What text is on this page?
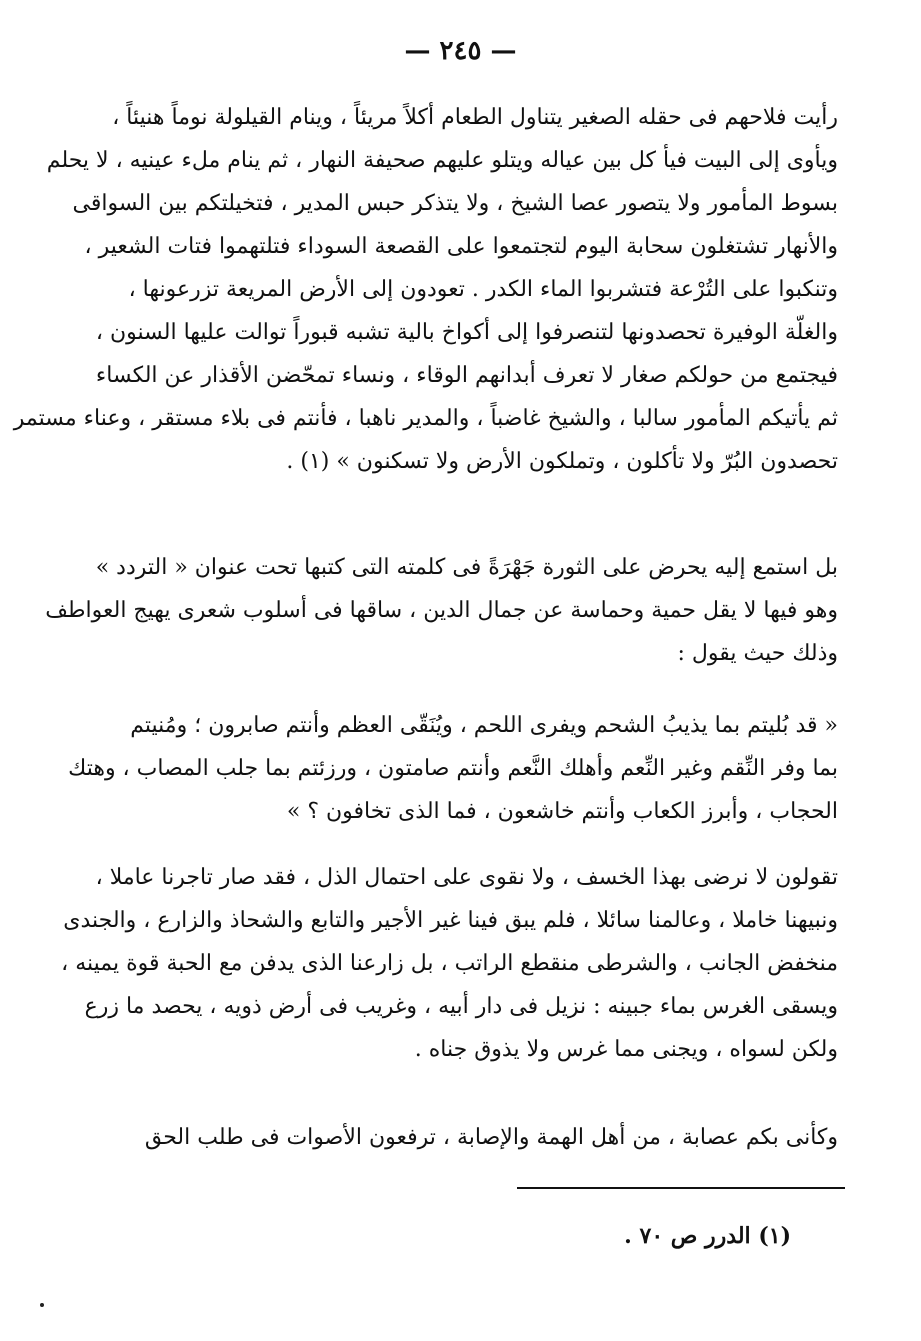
— ٢٤٥ —
رأيت فلاحهم فى حقله الصغير يتناول الطعام أكلاً مريئاً ، وينام القيلولة نوماً هنيئاً ،
ويأوى إلى البيت فيأ كل بين عياله ويتلو عليهم صحيفة النهار ، ثم ينام ملء عينيه ، لا يحلم
بسوط المأمور ولا يتصور عصا الشيخ ، ولا يتذكر حبس المدير ، فتخيلتكم بين السواقى
والأنهار تشتغلون سحابة اليوم لتجتمعوا على القصعة السوداء فتلتهموا فتات الشعير ،
وتنكبوا على التُرْعة فتشربوا الماء الكدر . تعودون إلى الأرض المريعة تزرعونها ،
والغلّة الوفيرة تحصدونها لتنصرفوا إلى أكواخ بالية تشبه قبوراً توالت عليها السنون ،
فيجتمع من حولكم صغار لا تعرف أبدانهم الوقاء ، ونساء تمحّضن الأقذار عن الكساء
ثم يأتيكم المأمور سالبا ، والشيخ غاضباً ، والمدير ناهبا ، فأنتم فى بلاء مستقر ، وعناء مستمر
تحصدون البُرّ ولا تأكلون ، وتملكون الأرض ولا تسكنون » (١) .
بل استمع إليه يحرض على الثورة جَهْرَةً فى كلمته التى كتبها تحت عنوان « التردد »
وهو فيها لا يقل حمية وحماسة عن جمال الدين ، ساقها فى أسلوب شعرى يهيج العواطف
وذلك حيث يقول :
« قد بُليتم بما يذيبُ الشحم ويفرى اللحم ، ويُنَقّى العظم وأنتم صابرون ؛ ومُنيتم
بما وفر النِّقم وغير النِّعم وأهلك النَّعم وأنتم صامتون ، ورزئتم بما جلب المصاب ، وهتك
الحجاب ، وأبرز الكعاب وأنتم خاشعون ، فما الذى تخافون ؟ »
تقولون لا نرضى بهذا الخسف ، ولا نقوى على احتمال الذل ، فقد صار تاجرنا عاملا ،
ونبيهنا خاملا ، وعالمنا سائلا ، فلم يبق فينا غير الأجير والتابع والشحاذ والزارع ، والجندى
منخفض الجانب ، والشرطى منقطع الراتب ، بل زارعنا الذى يدفن مع الحبة قوة يمينه ،
ويسقى الغرس بماء جبينه : نزيل فى دار أبيه ، وغريب فى أرض ذويه ، يحصد ما زرع
ولكن لسواه ، ويجنى مما غرس ولا يذوق جناه .
وكأنى بكم عصابة ، من أهل الهمة والإصابة ، ترفعون الأصوات فى طلب الحق
(١) الدرر ص ٧٠ .
